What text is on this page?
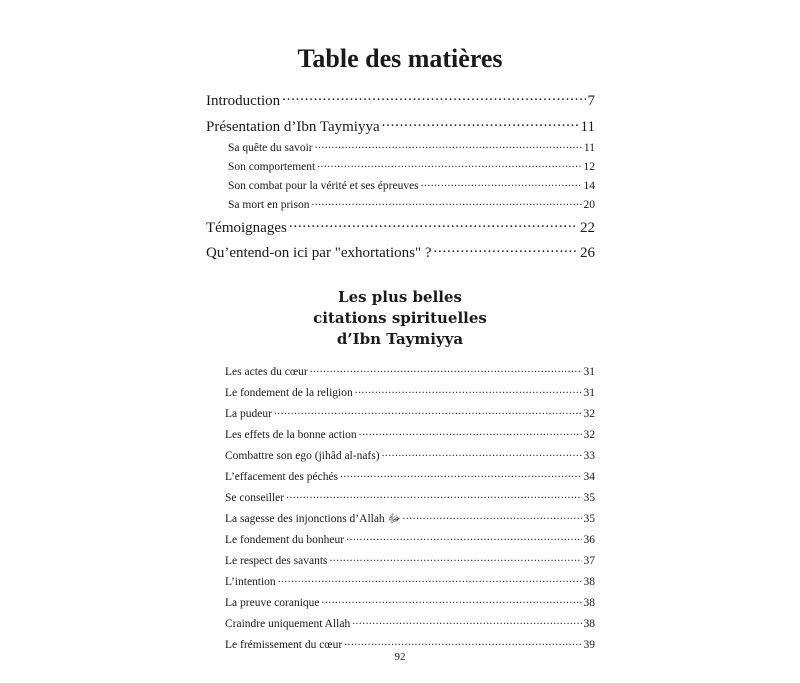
Table des matières
Introduction . . .	7
Présentation d’Ibn Taymiyya . . .	11
Sa quête du savoir . . .	11
Son comportement . . .	12
Son combat pour la vérité et ses épreuves . . .	14
Sa mort en prison . . .	20
Témoignages . . .	22
Qu’entend-on ici par "exhortations" ? . . .	26
Les plus belles
citations spirituelles
d’Ibn Taymiyya
Les actes du cœur . . .	31
Le fondement de la religion . . .	31
La pudeur . . .	32
Les effets de la bonne action . . .	32
Combattre son ego (jihâd al-nafs) . . .	33
L’effacement des péchés . . .	34
Se conseiller . . .	35
La sagesse des injonctions d’Allah ﷻ . . .	35
Le fondement du bonheur . . .	36
Le respect des savants . . .	37
L’intention . . .	38
La preuve coranique . . .	38
Craindre uniquement Allah . . .	38
Le frémissement du cœur . . .	39
92
